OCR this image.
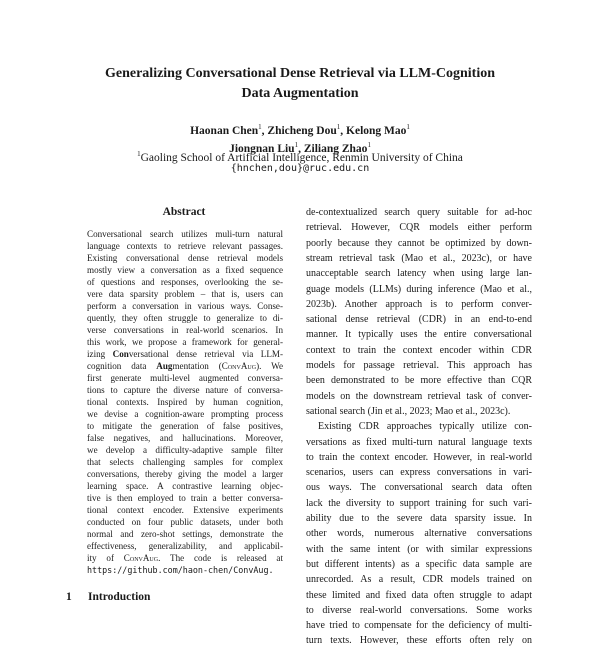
Generalizing Conversational Dense Retrieval via LLM-Cognition
Data Augmentation
Haonan Chen$^1$, Zhicheng Dou$^1$, Kelong Mao$^1$
Jiongnan Liu$^1$, Ziliang Zhao$^1$
$^1$Gaoling School of Artificial Intelligence, Renmin University of China
{hnchen,dou}@ruc.edu.cn
Abstract
Conversational search utilizes muli-turn natural
language contexts to retrieve relevant passages.
Existing conversational dense retrieval models
mostly view a conversation as a fixed sequence
of questions and responses, overlooking the se-
vere data sparsity problem – that is, users can
perform a conversation in various ways. Conse-
quently, they often struggle to generalize to di-
verse conversations in real-world scenarios. In
this work, we propose a framework for general-
izing Conversational dense retrieval via LLM-
cognition data Augmentation (ConvAug). We
first generate multi-level augmented conversa-
tions to capture the diverse nature of conversa-
tional contexts. Inspired by human cognition,
we devise a cognition-aware prompting process
to mitigate the generation of false positives,
false negatives, and hallucinations. Moreover,
we develop a difficulty-adaptive sample filter
that selects challenging samples for complex
conversations, thereby giving the model a larger
learning space. A contrastive learning objec-
tive is then employed to train a better conversa-
tional context encoder. Extensive experiments
conducted on four public datasets, under both
normal and zero-shot settings, demonstrate the
effectiveness, generalizability, and applicabil-
ity of ConvAug. The code is released at
https://github.com/haon-chen/ConvAug.
de-contextualized search query suitable for ad-hoc
retrieval. However, CQR models either perform
poorly because they cannot be optimized by down-
stream retrieval task (Mao et al., 2023c), or have
unacceptable search latency when using large lan-
guage models (LLMs) during inference (Mao et al.,
2023b). Another approach is to perform conver-
sational dense retrieval (CDR) in an end-to-end
manner. It typically uses the entire conversational
context to train the context encoder within CDR
models for passage retrieval. This approach has
been demonstrated to be more effective than CQR
models on the downstream retrieval task of conver-
sational search (Jin et al., 2023; Mao et al., 2023c).
Existing CDR approaches typically utilize con-
versations as fixed multi-turn natural language texts
to train the context encoder. However, in real-world
scenarios, users can express conversations in vari-
ous ways. The conversational search data often
lack the diversity to support training for such vari-
ability due to the severe data sparsity issue. In
other words, numerous alternative conversations
with the same intent (or with similar expressions
but different intents) as a specific data sample are
unrecorded. As a result, CDR models trained on
these limited and fixed data often struggle to adapt
to diverse real-world conversations. Some works
have tried to compensate for the deficiency of multi-
turn texts. However, these efforts often rely on
1 Introduction
